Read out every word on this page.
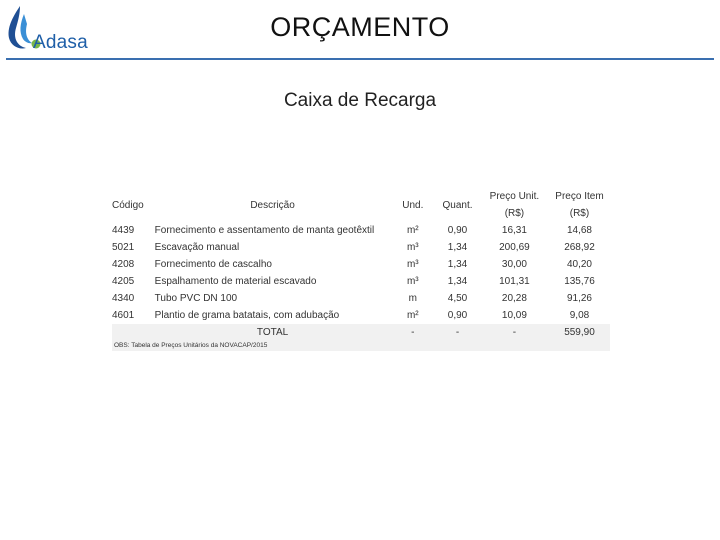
Adasa
ORÇAMENTO
Caixa de Recarga
Código	Descrição	Und.	Quant.	Preço Unit. (R$)	Preço Item (R$)
4439	Fornecimento e assentamento de manta geotêxtil	m²	0,90	16,31	14,68
5021	Escavação manual	m³	1,34	200,69	268,92
4208	Fornecimento de cascalho	m³	1,34	30,00	40,20
4205	Espalhamento de material escavado	m³	1,34	101,31	135,76
4340	Tubo PVC DN 100	m	4,50	20,28	91,26
4601	Plantio de grama batatais, com adubação	m²	0,90	10,09	9,08
	TOTAL	-	-	-	559,90
OBS: Tabela de Preços Unitários da NOVACAP/2015					
